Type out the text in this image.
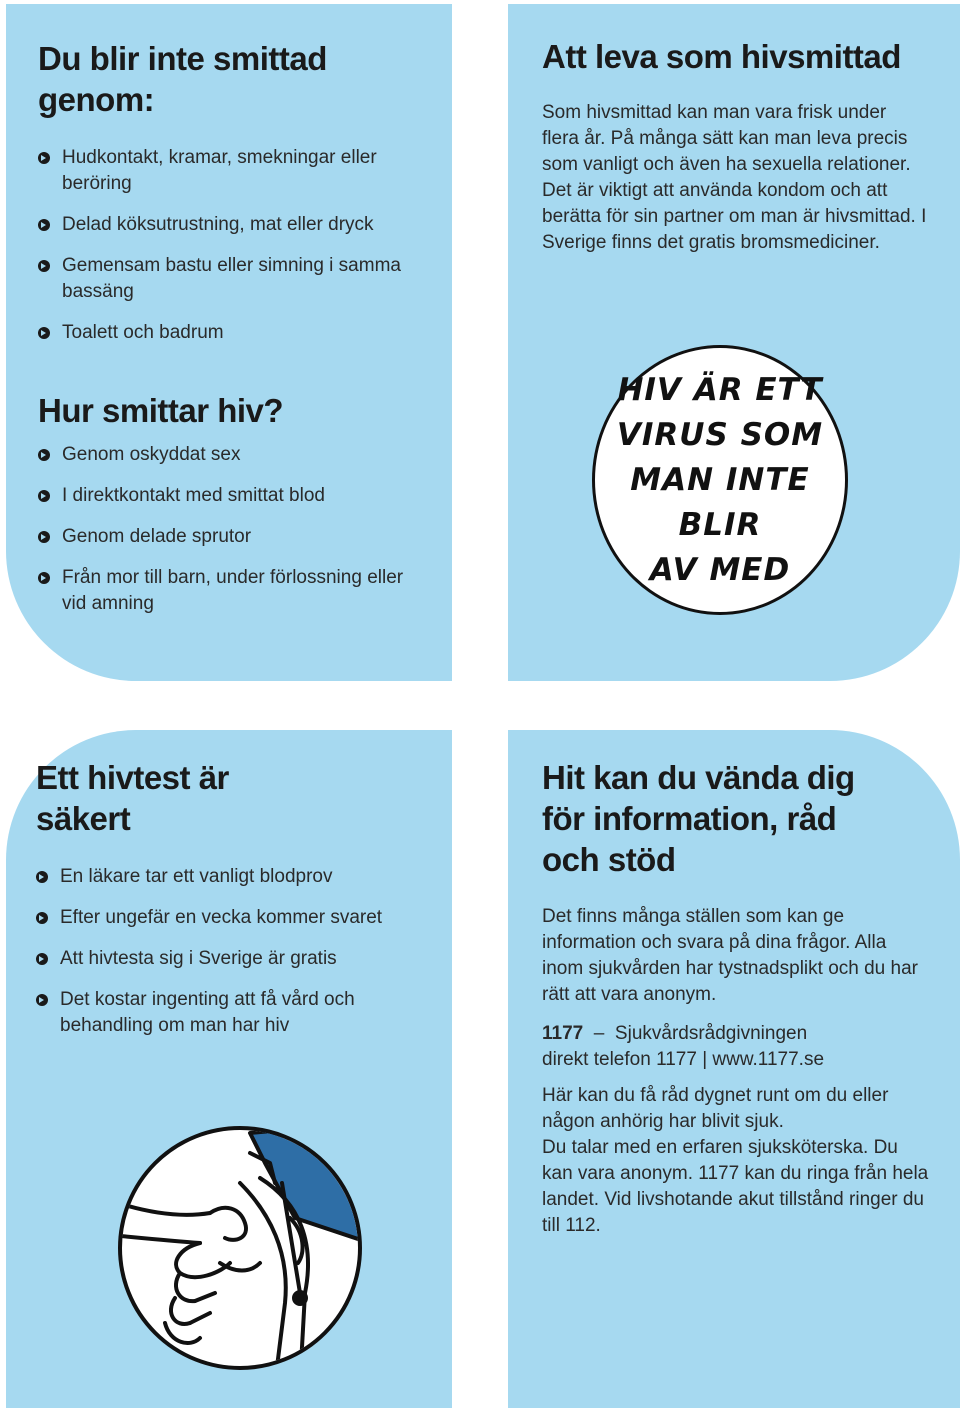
Du blir inte smittad genom:
Hudkontakt, kramar, smekningar eller beröring
Delad köksutrustning, mat eller dryck
Gemensam bastu eller simning i samma bassäng
Toalett och badrum
Hur smittar hiv?
Genom oskyddat sex
I direktkontakt med smittat blod
Genom delade sprutor
Från mor till barn, under förlossning eller vid amning
Att leva som hivsmittad

Som hivsmittad kan man vara frisk under flera år. På många sätt kan man leva precis som vanligt och även ha sexuella relationer. Det är viktigt att använda kondom och att berätta för sin partner om man är hivsmittad. I Sverige finns det gratis bromsmediciner.

HIV ÄR ETT
VIRUS SOM
MAN INTE BLIR
AV MED
Ett hivtest är säkert
En läkare tar ett vanligt blodprov
Efter ungefär en vecka kommer svaret
Att hivtesta sig i Sverige är gratis
Det kostar ingenting att få vård och behandling om man har hiv
Hit kan du vända dig för information, råd och stöd

Det finns många ställen som kan ge information och svara på dina frågor. Alla inom sjukvården har tystnadsplikt och du har rätt att vara anonym.

1177  –  Sjukvårdsrådgivningen
direkt telefon 1177 | www.1177.se

Här kan du få råd dygnet runt om du eller någon anhörig har blivit sjuk.

Du talar med en erfaren sjuksköterska. Du kan vara anonym. 1177 kan du ringa från hela landet. Vid livshotande akut tillstånd ringer du till 112.
